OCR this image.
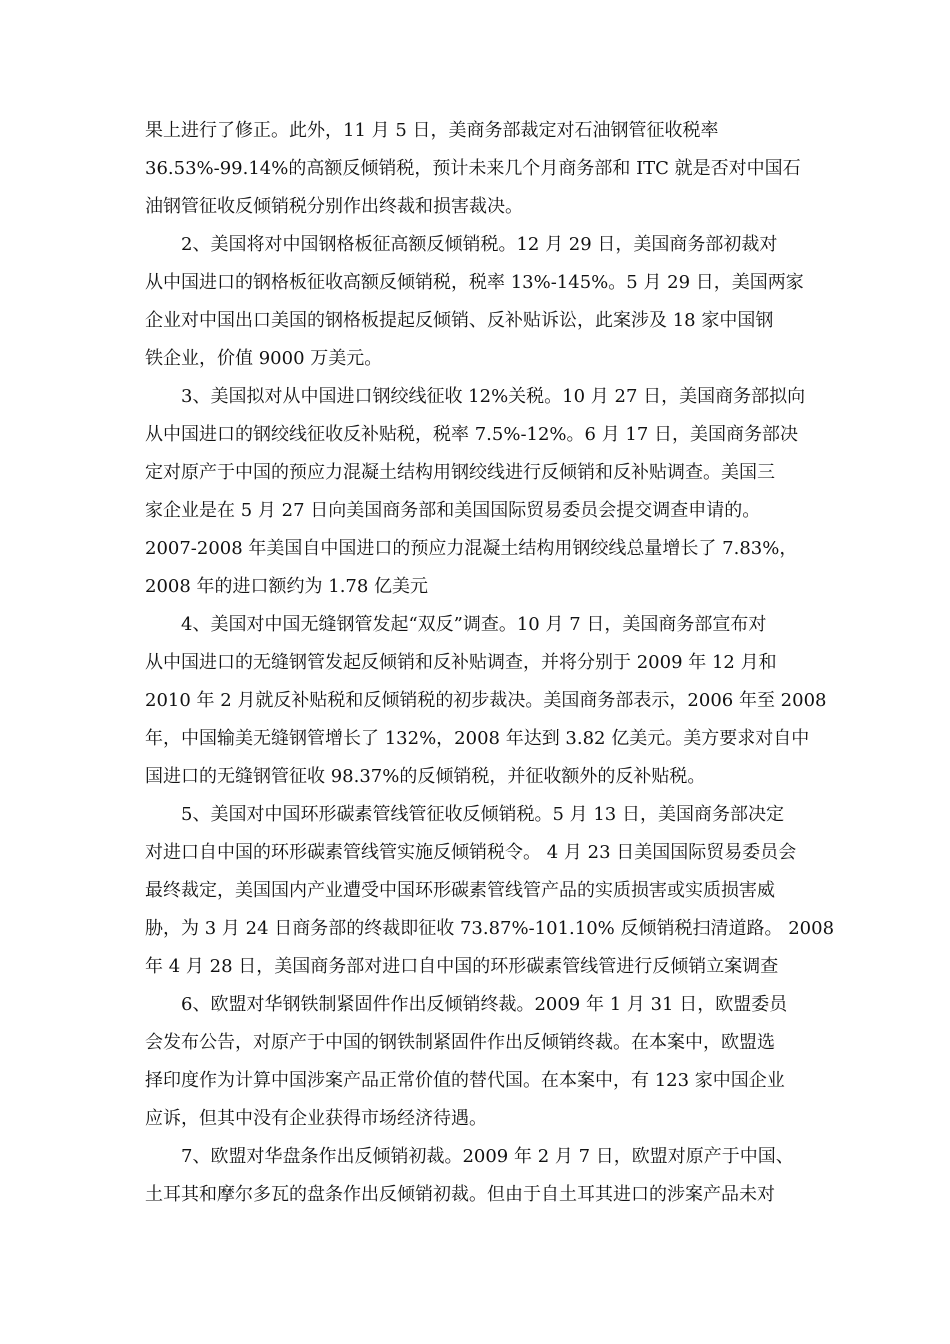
果上进行了修正。此外，11 月 5 日，美商务部裁定对石油钢管征收税率
36.53%-99.14%的高额反倾销税，预计未来几个月商务部和 ITC 就是否对中国石
油钢管征收反倾销税分别作出终裁和损害裁决。
2、美国将对中国钢格板征高额反倾销税。12 月 29 日，美国商务部初裁对
从中国进口的钢格板征收高额反倾销税，税率 13%-145%。5 月 29 日，美国两家
企业对中国出口美国的钢格板提起反倾销、反补贴诉讼，此案涉及 18 家中国钢
铁企业，价值 9000 万美元。
3、美国拟对从中国进口钢绞线征收 12%关税。10 月 27 日，美国商务部拟向
从中国进口的钢绞线征收反补贴税，税率 7.5%-12%。6 月 17 日，美国商务部决
定对原产于中国的预应力混凝土结构用钢绞线进行反倾销和反补贴调查。美国三
家企业是在 5 月 27 日向美国商务部和美国国际贸易委员会提交调查申请的。
2007-2008 年美国自中国进口的预应力混凝土结构用钢绞线总量增长了 7.83%，
2008 年的进口额约为 1.78 亿美元
4、美国对中国无缝钢管发起“双反”调查。10 月 7 日，美国商务部宣布对
从中国进口的无缝钢管发起反倾销和反补贴调查，并将分别于 2009 年 12 月和
2010 年 2 月就反补贴税和反倾销税的初步裁决。美国商务部表示，2006 年至 2008
年，中国输美无缝钢管增长了 132%，2008 年达到 3.82 亿美元。美方要求对自中
国进口的无缝钢管征收 98.37%的反倾销税，并征收额外的反补贴税。
5、美国对中国环形碳素管线管征收反倾销税。5 月 13 日，美国商务部决定
对进口自中国的环形碳素管线管实施反倾销税令。 4 月 23 日美国国际贸易委员会
最终裁定，美国国内产业遭受中国环形碳素管线管产品的实质损害或实质损害威
胁，为 3 月 24 日商务部的终裁即征收 73.87%-101.10% 反倾销税扫清道路。 2008
年 4 月 28 日，美国商务部对进口自中国的环形碳素管线管进行反倾销立案调查
6、欧盟对华钢铁制紧固件作出反倾销终裁。2009 年 1 月 31 日，欧盟委员
会发布公告，对原产于中国的钢铁制紧固件作出反倾销终裁。在本案中，欧盟选
择印度作为计算中国涉案产品正常价值的替代国。在本案中，有 123 家中国企业
应诉，但其中没有企业获得市场经济待遇。
7、欧盟对华盘条作出反倾销初裁。2009 年 2 月 7 日，欧盟对原产于中国、
土耳其和摩尔多瓦的盘条作出反倾销初裁。但由于自土耳其进口的涉案产品未对
